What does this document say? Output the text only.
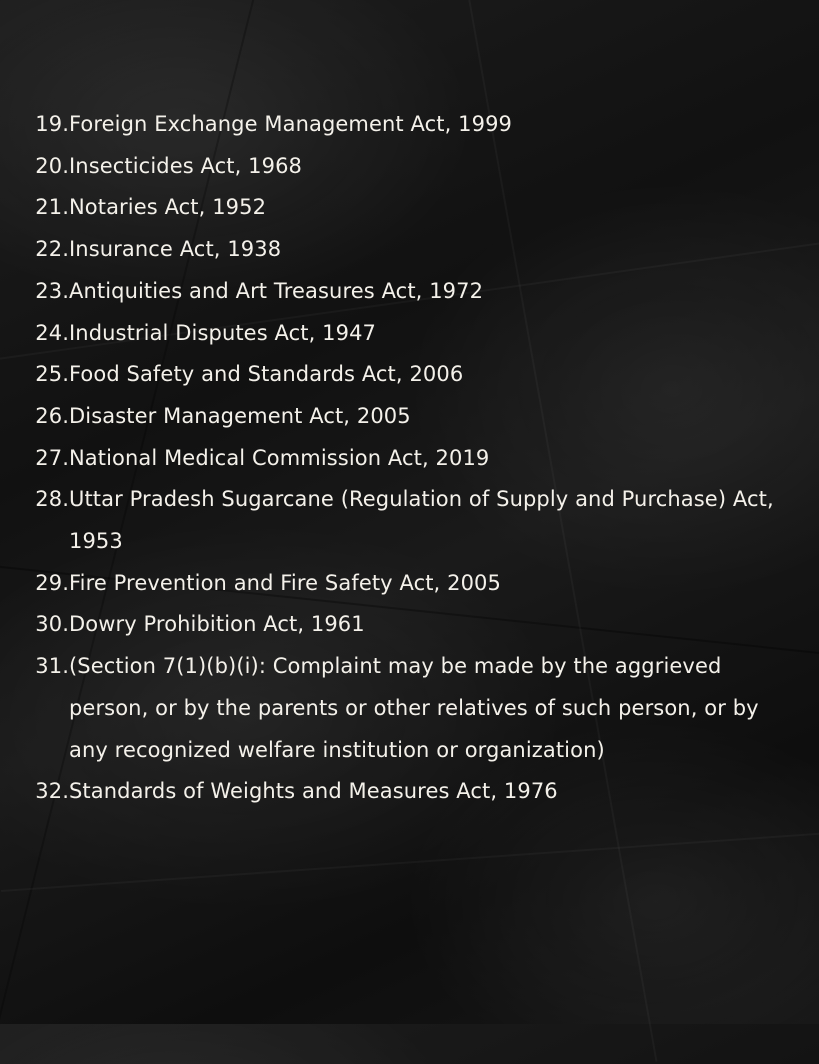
19. Foreign Exchange Management Act, 1999
20. Insecticides Act, 1968
21. Notaries Act, 1952
22. Insurance Act, 1938
23. Antiquities and Art Treasures Act, 1972
24. Industrial Disputes Act, 1947
25. Food Safety and Standards Act, 2006
26. Disaster Management Act, 2005
27. National Medical Commission Act, 2019
28. Uttar Pradesh Sugarcane (Regulation of Supply and Purchase) Act, 1953
29. Fire Prevention and Fire Safety Act, 2005
30. Dowry Prohibition Act, 1961
31. (Section 7(1)(b)(i): Complaint may be made by the aggrieved person, or by the parents or other relatives of such person, or by any recognized welfare institution or organization)
32. Standards of Weights and Measures Act, 1976
